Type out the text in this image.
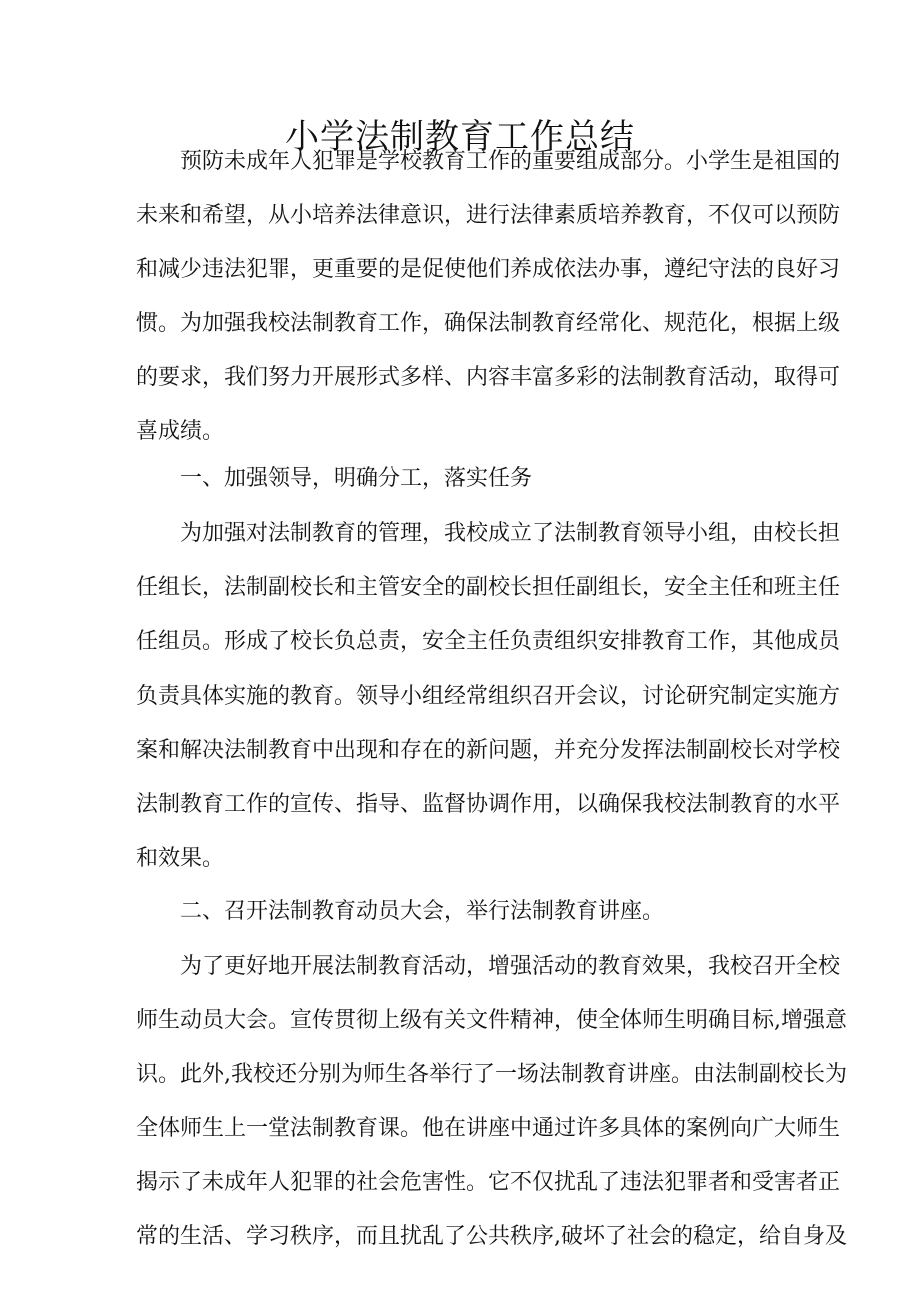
小学法制教育工作总结
预防未成年人犯罪是学校教育工作的重要组成部分。小学生是祖国的
未来和希望，从小培养法律意识，进行法律素质培养教育，不仅可以预防
和减少违法犯罪，更重要的是促使他们养成依法办事，遵纪守法的良好习
惯。为加强我校法制教育工作，确保法制教育经常化、规范化，根据上级
的要求，我们努力开展形式多样、内容丰富多彩的法制教育活动，取得可
喜成绩。
一、加强领导，明确分工，落实任务
为加强对法制教育的管理，我校成立了法制教育领导小组，由校长担
任组长，法制副校长和主管安全的副校长担任副组长，安全主任和班主任
任组员。形成了校长负总责，安全主任负责组织安排教育工作，其他成员
负责具体实施的教育。领导小组经常组织召开会议，讨论研究制定实施方
案和解决法制教育中出现和存在的新问题，并充分发挥法制副校长对学校
法制教育工作的宣传、指导、监督协调作用，以确保我校法制教育的水平
和效果。
二、召开法制教育动员大会，举行法制教育讲座。
为了更好地开展法制教育活动，增强活动的教育效果，我校召开全校
师生动员大会。宣传贯彻上级有关文件精神，使全体师生明确目标,增强意
识。此外,我校还分别为师生各举行了一场法制教育讲座。由法制副校长为
全体师生上一堂法制教育课。他在讲座中通过许多具体的案例向广大师生
揭示了未成年人犯罪的社会危害性。它不仅扰乱了违法犯罪者和受害者正
常的生活、学习秩序，而且扰乱了公共秩序,破坏了社会的稳定，给自身及
